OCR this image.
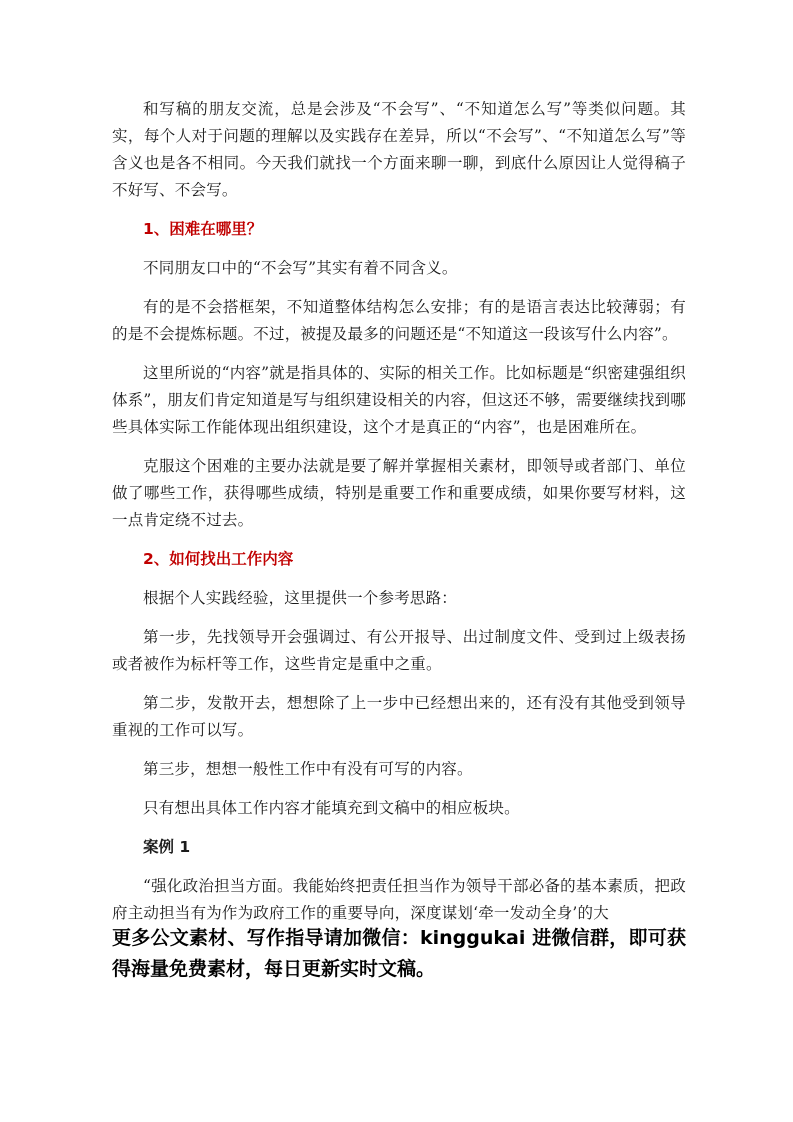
和写稿的朋友交流，总是会涉及“不会写”、“不知道怎么写”等类似问题。其实，每个人对于问题的理解以及实践存在差异，所以“不会写”、“不知道怎么写”等含义也是各不相同。今天我们就找一个方面来聊一聊，到底什么原因让人觉得稿子不好写、不会写。

1、困难在哪里？

不同朋友口中的“不会写”其实有着不同含义。

有的是不会搭框架，不知道整体结构怎么安排；有的是语言表达比较薄弱；有的是不会提炼标题。不过，被提及最多的问题还是“不知道这一段该写什么内容”。

这里所说的“内容”就是指具体的、实际的相关工作。比如标题是“织密建强组织体系”，朋友们肯定知道是写与组织建设相关的内容，但这还不够，需要继续找到哪些具体实际工作能体现出组织建设，这个才是真正的“内容”，也是困难所在。

克服这个困难的主要办法就是要了解并掌握相关素材，即领导或者部门、单位做了哪些工作，获得哪些成绩，特别是重要工作和重要成绩，如果你要写材料，这一点肯定绕不过去。

2、如何找出工作内容

根据个人实践经验，这里提供一个参考思路：

第一步，先找领导开会强调过、有公开报导、出过制度文件、受到过上级表扬或者被作为标杆等工作，这些肯定是重中之重。

第二步，发散开去，想想除了上一步中已经想出来的，还有没有其他受到领导重视的工作可以写。

第三步，想想一般性工作中有没有可写的内容。

只有想出具体工作内容才能填充到文稿中的相应板块。

案例 1

“强化政治担当方面。我能始终把责任担当作为领导干部必备的基本素质，把政府主动担当有为作为政府工作的重要导向，深度谋划‘牵一发动全身’的大

更多公文素材、写作指导请加微信：kinggukai 进微信群，即可获得海量免费素材，每日更新实时文稿。
